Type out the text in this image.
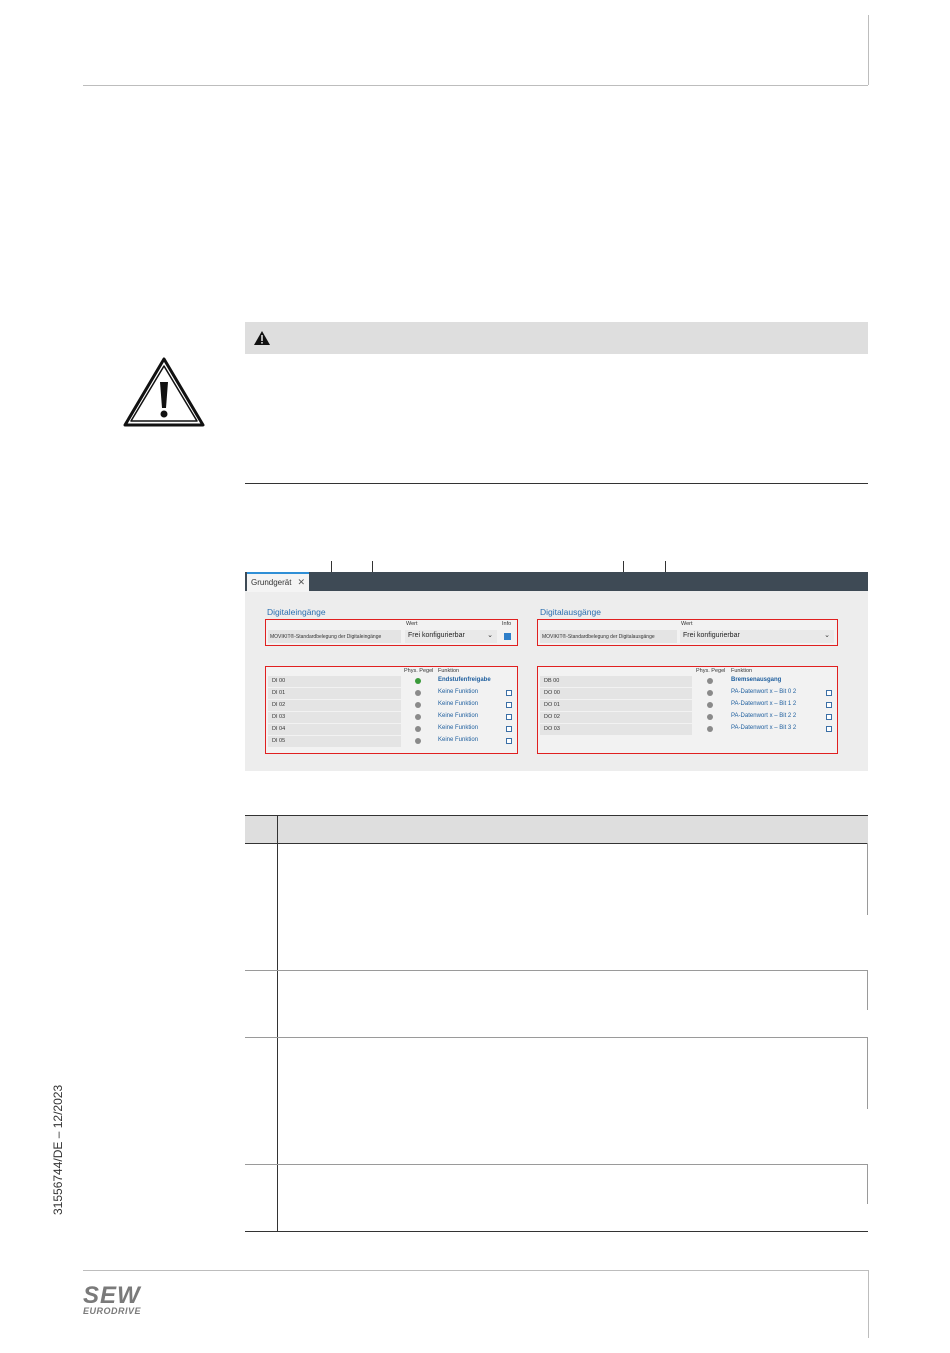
Grundgerät ✕
Digitaleingänge
Wert	Info
MOVIKIT®-Standardbelegung der Digitaleingänge	Frei konfigurierbar	⌄
Phys. Pegel Funktion
DI 00	Endstufenfreigabe
DI 01	Keine Funktion
DI 02	Keine Funktion
DI 03	Keine Funktion
DI 04	Keine Funktion
DI 05	Keine Funktion
Digitalausgänge
Wert
MOVIKIT®-Standardbelegung der Digitalausgänge	Frei konfigurierbar	⌄
Phys. Pegel Funktion
DB 00	Bremsenausgang
DO 00	PA-Datenwort x – Bit 0 2
DO 01	PA-Datenwort x – Bit 1 2
DO 02	PA-Datenwort x – Bit 2 2
DO 03	PA-Datenwort x – Bit 3 2
31556744/DE – 12/2023
SEW
EURODRIVE
